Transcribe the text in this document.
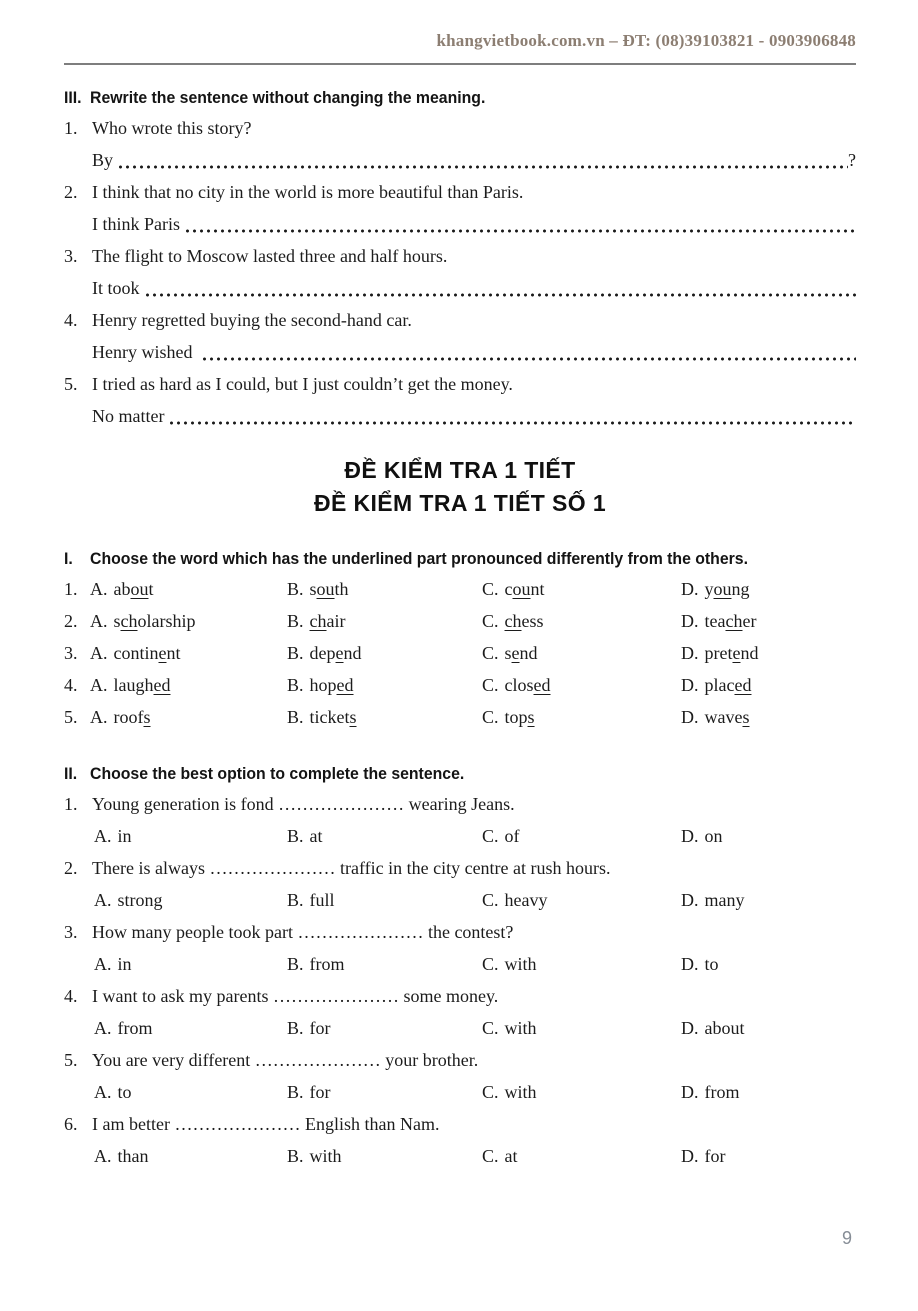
khangvietbook.com.vn – ĐT: (08)39103821 - 0903906848
III. Rewrite the sentence without changing the meaning.
1. Who wrote this story?
By	?
2. I think that no city in the world is more beautiful than Paris.
I think Paris
3. The flight to Moscow lasted three and half hours.
It took
4. Henry regretted buying the second-hand car.
Henry wished
5. I tried as hard as I could, but I just couldn’t get the money.
No matter
ĐỀ KIỂM TRA 1 TIẾT
ĐỀ KIỂM TRA 1 TIẾT SỐ 1
I.	Choose the word which has the underlined part pronounced differently from the others.
1. A. about	B. south	C. count	D. young
2. A. scholarship	B. chair	C. chess	D. teacher
3. A. continent	B. depend	C. send	D. pretend
4. A. laughed	B. hoped	C. closed	D. placed
5. A. roofs	B. tickets	C. tops	D. waves
II. Choose the best option to complete the sentence.
1. Young generation is fond ………………… wearing Jeans.
A. in	B. at	C. of	D. on
2. There is always ………………… traffic in the city centre at rush hours.
A. strong	B. full	C. heavy	D. many
3. How many people took part ………………… the contest?
A. in	B. from	C. with	D. to
4. I want to ask my parents ………………… some money.
A. from	B. for	C. with	D. about
5. You are very different ………………… your brother.
A. to	B. for	C. with	D. from
6. I am better ………………… English than Nam.
A. than	B. with	C. at	D. for
9
